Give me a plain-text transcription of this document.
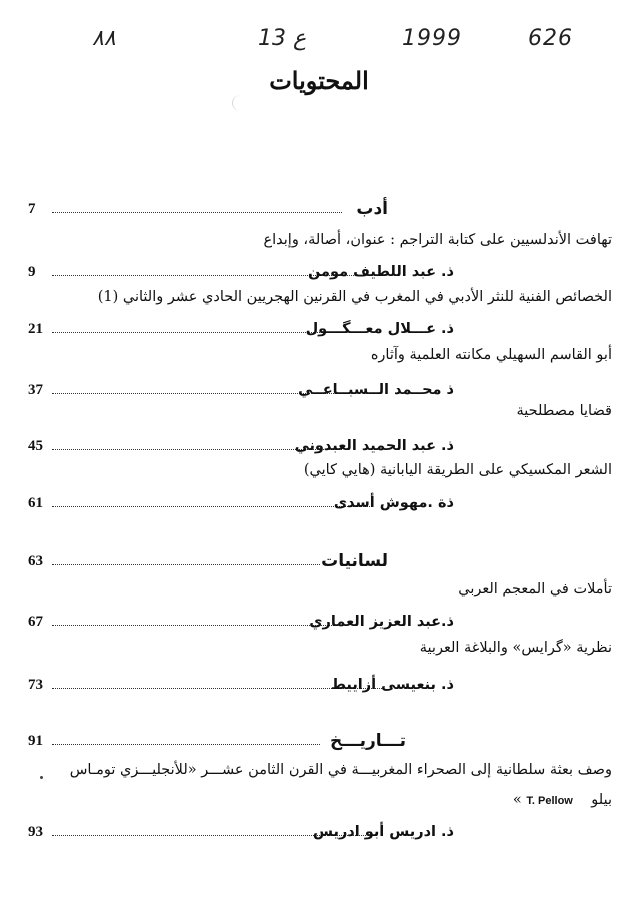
٨٨	ع 13	1999	626
المحتويات
7	أدب
تهافت الأندلسيين على كتابة التراجم : عنوان، أصالة، وإبداع
9	ذ. عبد اللطيف مومن
الخصائص الفنية للنثر الأدبي في المغرب في القرنين الهجريين الحادي عشر والثاني (1)
21	ذ. عـــلال معـــگـــول
أبو القاسم السهيلي مكانته العلمية وآثاره
37	ذ محــمد الــسبــاعــي
قضايا مصطلحية
45	ذ. عبد الحميد العبدوني
الشعر المكسيكي على الطريقة اليابانية (هايي كايي)
61	ذة .مهوش أسدى
63	لسانيات
تأملات في المعجم العربي
67	ذ.عبد العزيز العماري
نظرية «گرايس» والبلاغة العربية
73	ذ. بنعيسى أزاييط
91	تـــاريـــخ
وصف بعثة سلطانية إلى الصحراء المغربيـــة في القرن الثامن عشـــر «للأنجليـــزي تومـاس
بيلو    T. Pellow »
93	ذ. ادريس أبو ادريس
